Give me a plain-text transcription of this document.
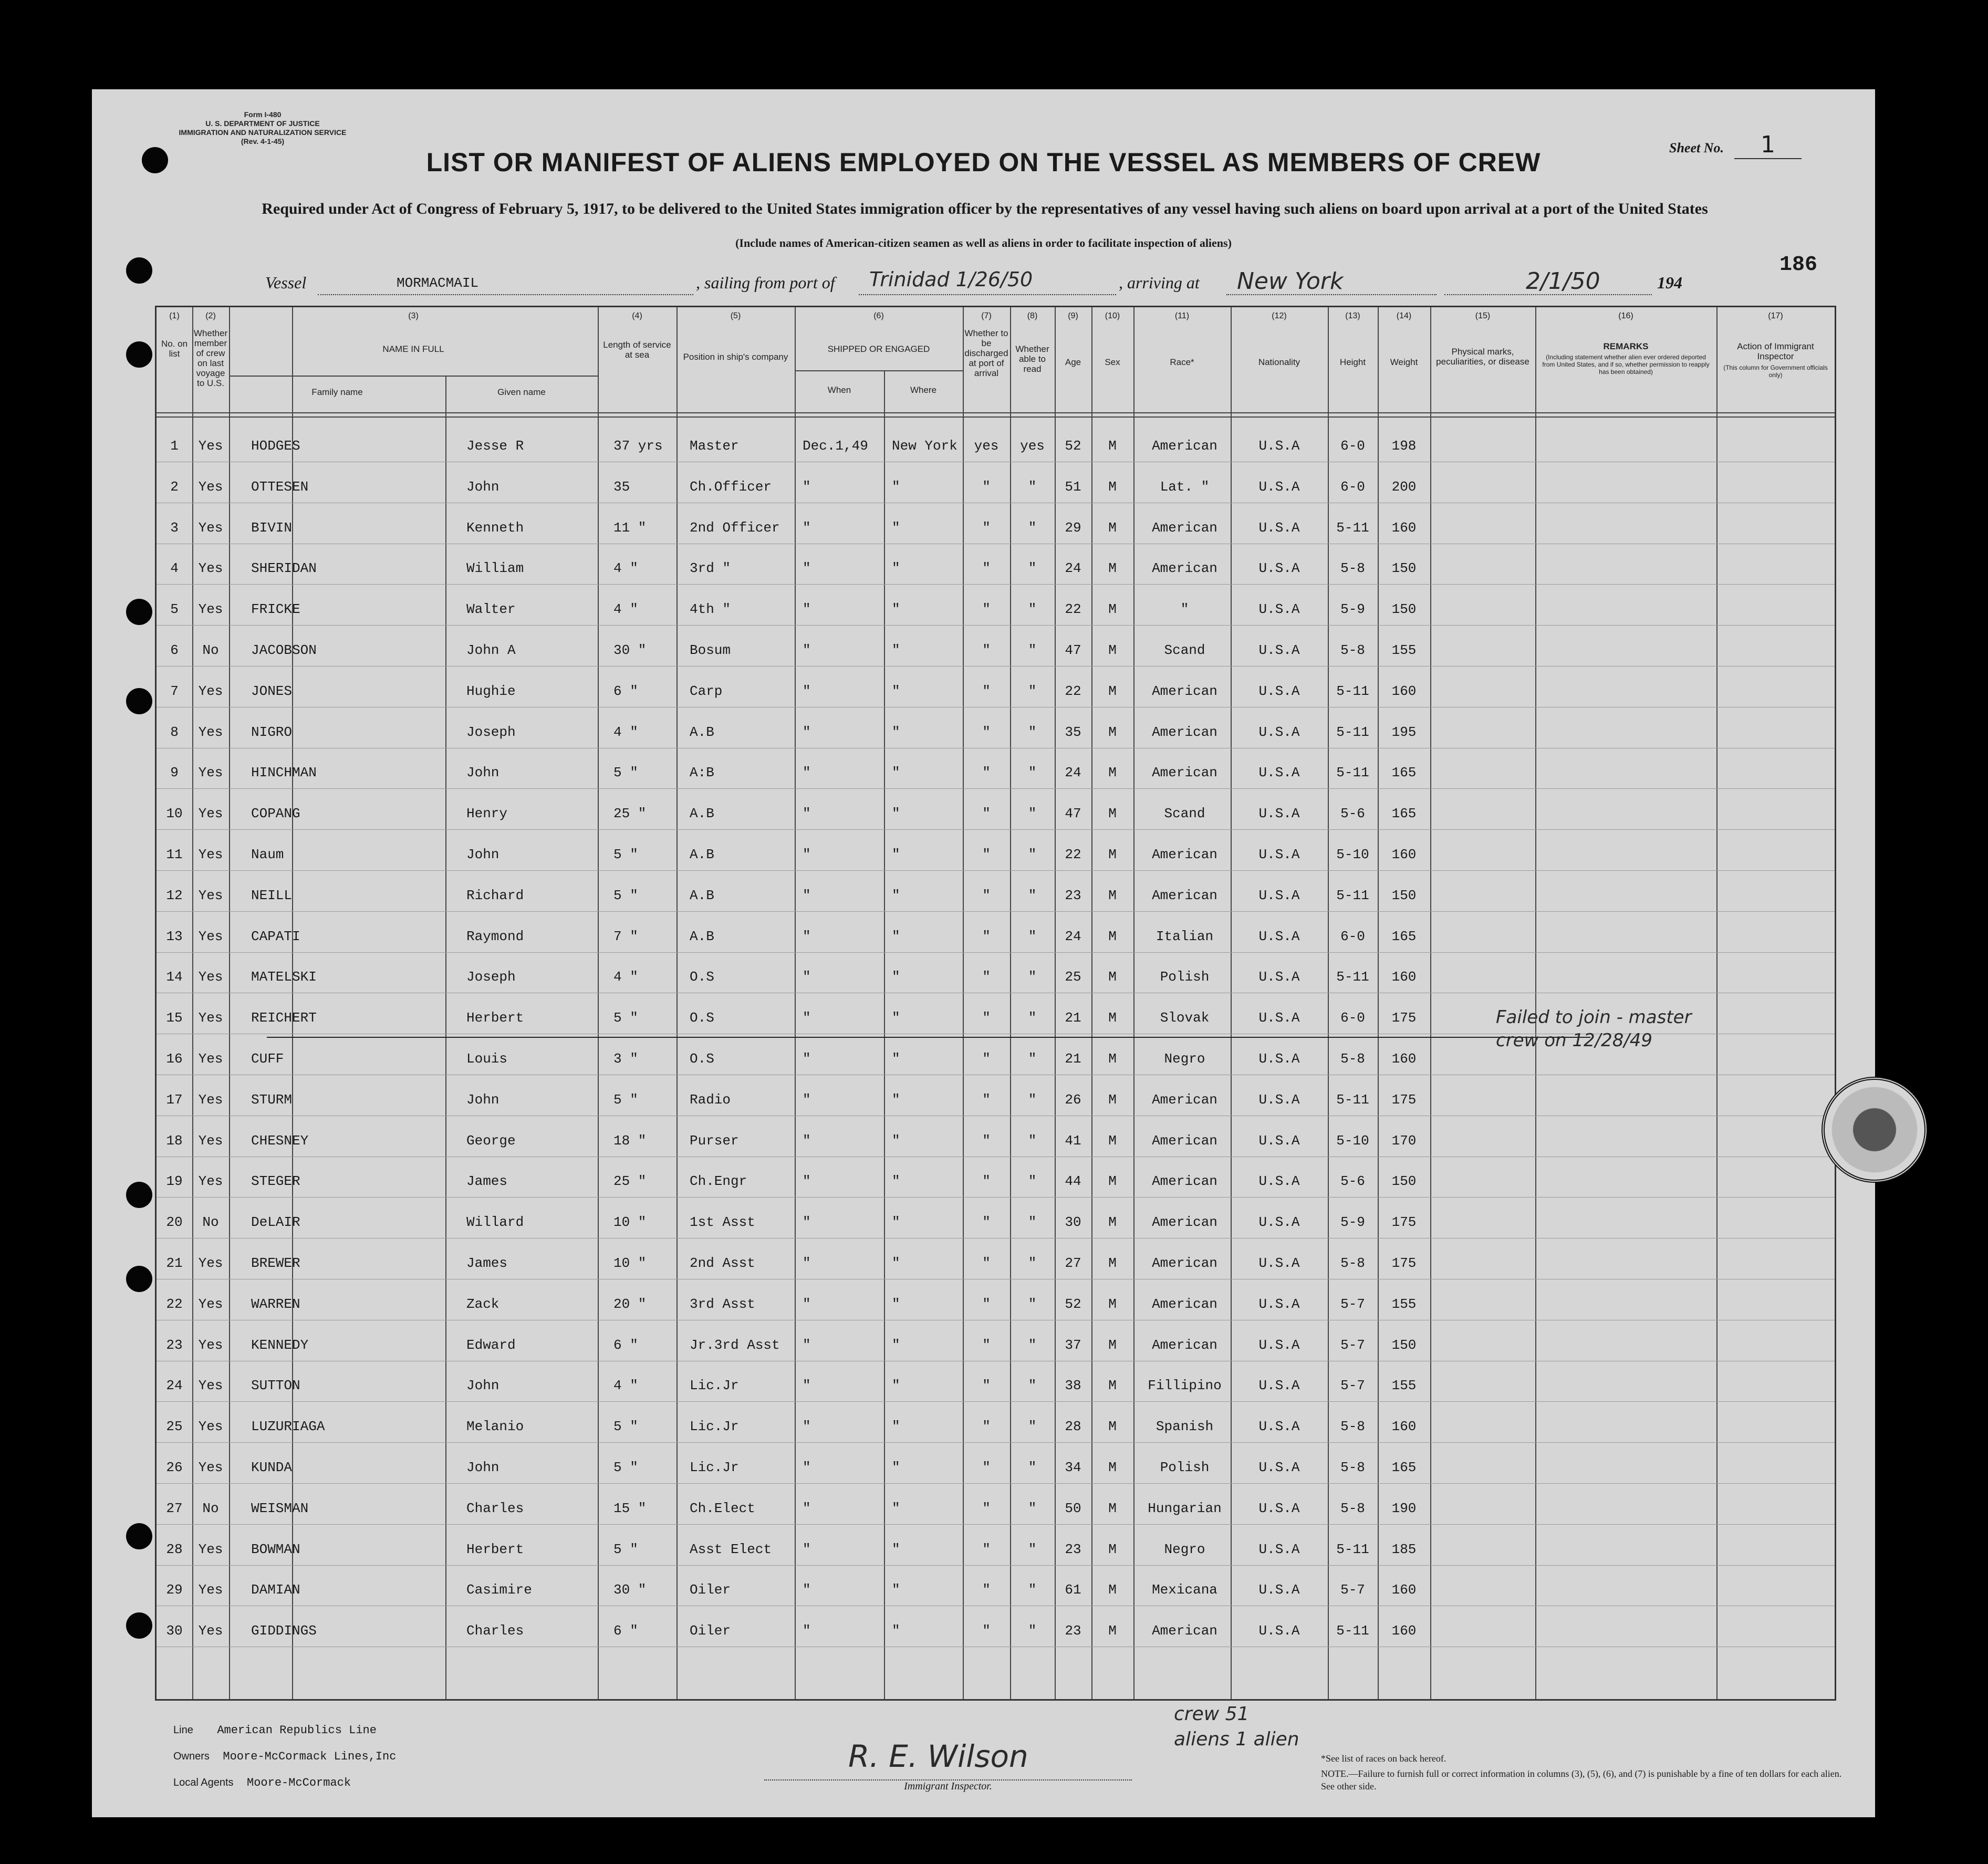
Form I-480
U. S. DEPARTMENT OF JUSTICE
IMMIGRATION AND NATURALIZATION SERVICE
(Rev. 4-1-45)	Sheet No. 1
LIST OR MANIFEST OF ALIENS EMPLOYED ON THE VESSEL AS MEMBERS OF CREW
Required under Act of Congress of February 5, 1917, to be delivered to the United States immigration officer by the representatives of any vessel having such aliens on board upon arrival at a port of the United States
(Include names of American-citizen seamen as well as aliens in order to facilitate inspection of aliens)
186
Vessel	MORMACMAIL	, sailing from port of Trinidad 1/26/50	, arriving at New York	2/1/50	194
(1)
No. on list
(2)
Whether member of crew on last voyage to U.S.
(3)
NAME IN FULL
Family name	Given name
(4)
Length of service at sea
(5)
Position in ship's company
(6)
SHIPPED OR ENGAGED
When	Where
(7)
Whether to be discharged at port of arrival
(8)
Whether able to read
(9)
Age
(10)
Sex
(11)
Race*
(12)
Nationality
(13)
Height
(14)
Weight
(15)
Physical marks, peculiarities, or disease
(16)
REMARKS
(Including statement whether alien ever ordered deported from United States, and if so, whether permission to reapply has been obtained)
(17)
Action of Immigrant Inspector
(This column for Government officials only)
1	Yes	HODGES	Jesse R	37 yrs	Master	Dec.1,49	New York	yes	yes	52	M	American	U.S.A	6-0	198
2	Yes	OTTESEN	John	35	Ch.Officer	"	"	"	"	51	M	Lat. "	U.S.A	6-0	200
3	Yes	BIVIN	Kenneth	11 "	2nd Officer	"	"	"	"	29	M	American	U.S.A	5-11	160
4	Yes	SHERIDAN	William	4 "	3rd "	"	"	"	"	24	M	American	U.S.A	5-8	150
5	Yes	FRICKE	Walter	4 "	4th "	"	"	"	"	22	M	"	U.S.A	5-9	150
6	No	JACOBSON	John A	30 "	Bosum	"	"	"	"	47	M	Scand	U.S.A	5-8	155
7	Yes	JONES	Hughie	6 "	Carp	"	"	"	"	22	M	American	U.S.A	5-11	160
8	Yes	NIGRO	Joseph	4 "	A.B	"	"	"	"	35	M	American	U.S.A	5-11	195
9	Yes	HINCHMAN	John	5 "	A:B	"	"	"	"	24	M	American	U.S.A	5-11	165
10	Yes	COPANG	Henry	25 "	A.B	"	"	"	"	47	M	Scand	U.S.A	5-6	165
11	Yes	Naum	John	5 "	A.B	"	"	"	"	22	M	American	U.S.A	5-10	160
12	Yes	NEILL	Richard	5 "	A.B	"	"	"	"	23	M	American	U.S.A	5-11	150
13	Yes	CAPATI	Raymond	7 "	A.B	"	"	"	"	24	M	Italian	U.S.A	6-0	165
14	Yes	MATELSKI	Joseph	4 "	O.S	"	"	"	"	25	M	Polish	U.S.A	5-11	160
15	Yes	REICHERT	Herbert	5 "	O.S	"	"	"	"	21	M	Slovak	U.S.A	6-0	175
16	Yes	CUFF	Louis	3 "	O.S	"	"	"	"	21	M	Negro	U.S.A	5-8	160
17	Yes	STURM	John	5 "	Radio	"	"	"	"	26	M	American	U.S.A	5-11	175
18	Yes	CHESNEY	George	18 "	Purser	"	"	"	"	41	M	American	U.S.A	5-10	170
19	Yes	STEGER	James	25 "	Ch.Engr	"	"	"	"	44	M	American	U.S.A	5-6	150
20	No	DeLAIR	Willard	10 "	1st Asst	"	"	"	"	30	M	American	U.S.A	5-9	175
21	Yes	BREWER	James	10 "	2nd Asst	"	"	"	"	27	M	American	U.S.A	5-8	175
22	Yes	WARREN	Zack	20 "	3rd Asst	"	"	"	"	52	M	American	U.S.A	5-7	155
23	Yes	KENNEDY	Edward	6 "	Jr.3rd Asst	"	"	"	"	37	M	American	U.S.A	5-7	150
24	Yes	SUTTON	John	4 "	Lic.Jr	"	"	"	"	38	M	Fillipino	U.S.A	5-7	155
25	Yes	LUZURIAGA	Melanio	5 "	Lic.Jr	"	"	"	"	28	M	Spanish	U.S.A	5-8	160
26	Yes	KUNDA	John	5 "	Lic.Jr	"	"	"	"	34	M	Polish	U.S.A	5-8	165
27	No	WEISMAN	Charles	15 "	Ch.Elect	"	"	"	"	50	M	Hungarian	U.S.A	5-8	190
28	Yes	BOWMAN	Herbert	5 "	Asst Elect	"	"	"	"	23	M	Negro	U.S.A	5-11	185
29	Yes	DAMIAN	Casimire	30 "	Oiler	"	"	"	"	61	M	Mexicana	U.S.A	5-7	160
30	Yes	GIDDINGS	Charles	6 "	Oiler	"	"	"	"	23	M	American	U.S.A	5-11	160
Failed to join - master crew on 12/28/49
Line American Republics Line
Owners Moore-McCormack Lines,Inc
Local Agents Moore-McCormack
R. E. Wilson
Immigrant Inspector.
crew 51 aliens 1 alien
*See list of races on back hereof.
NOTE.—Failure to furnish full or correct information in columns (3), (5), (6), and (7) is punishable by a fine of ten dollars for each alien. See other side.
